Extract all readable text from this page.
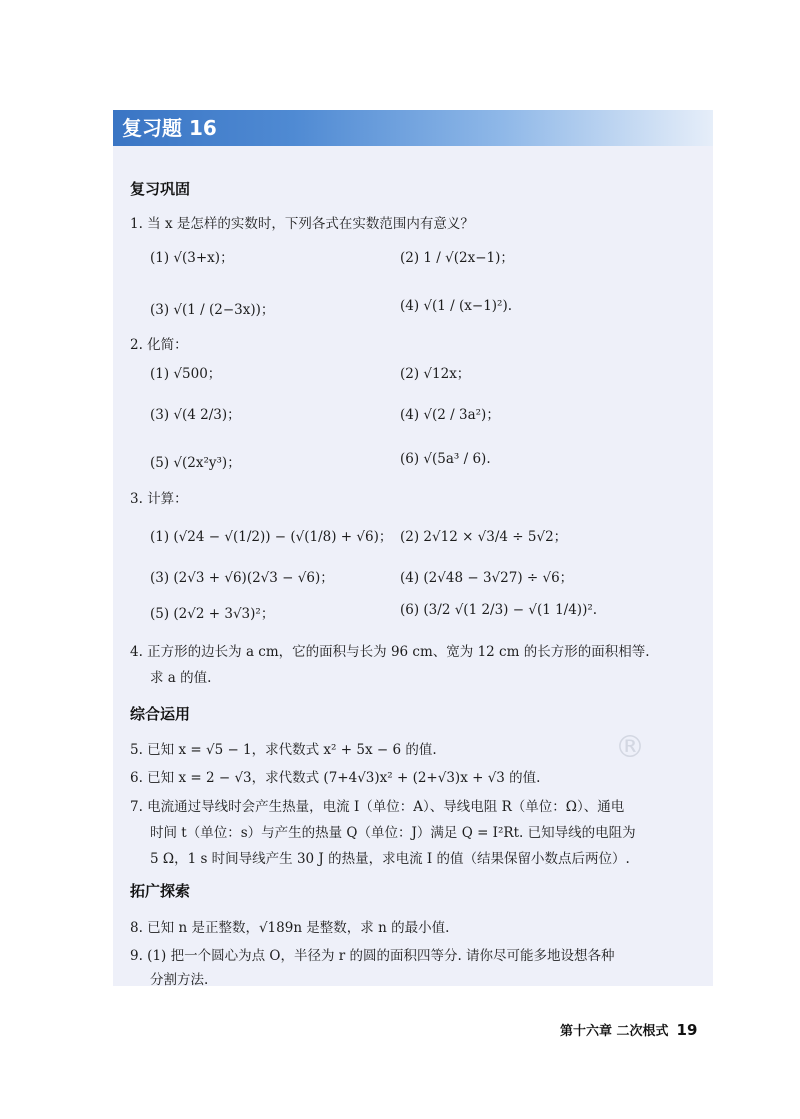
复习题 16
复习巩固
1. 当 x 是怎样的实数时，下列各式在实数范围内有意义？
(1) √(3+x)；	(2) 1 / √(2x−1)；
(3) √(1 / (2−3x))；	(4) √(1 / (x−1)²).
2. 化简：
(1) √500；	(2) √12x；
(3) √(4 2/3)；	(4) √(2 / 3a²)；
(5) √(2x²y³)；	(6) √(5a³ / 6).
3. 计算：
(1) (√24 − √(1/2)) − (√(1/8) + √6)； (2) 2√12 × √3/4 ÷ 5√2；
(3) (2√3 + √6)(2√3 − √6)；	(4) (2√48 − 3√27) ÷ √6；
(5) (2√2 + 3√3)²；	(6) (3/2 √(1 2/3) − √(1 1/4))².
4. 正方形的边长为 a cm，它的面积与长为 96 cm、宽为 12 cm 的长方形的面积相等.
求 a 的值.
综合运用
5. 已知 x = √5 − 1，求代数式 x² + 5x − 6 的值.
6. 已知 x = 2 − √3，求代数式 (7+4√3)x² + (2+√3)x + √3 的值.
7. 电流通过导线时会产生热量，电流 I（单位：A）、导线电阻 R（单位：Ω）、通电
时间 t（单位：s）与产生的热量 Q（单位：J）满足 Q = I²Rt. 已知导线的电阻为
5 Ω，1 s 时间导线产生 30 J 的热量，求电流 I 的值（结果保留小数点后两位）.
®
拓广探索
8. 已知 n 是正整数，√189n 是整数，求 n 的最小值.
9. (1) 把一个圆心为点 O，半径为 r 的圆的面积四等分. 请你尽可能多地设想各种
分割方法.
第十六章 二次根式 19
